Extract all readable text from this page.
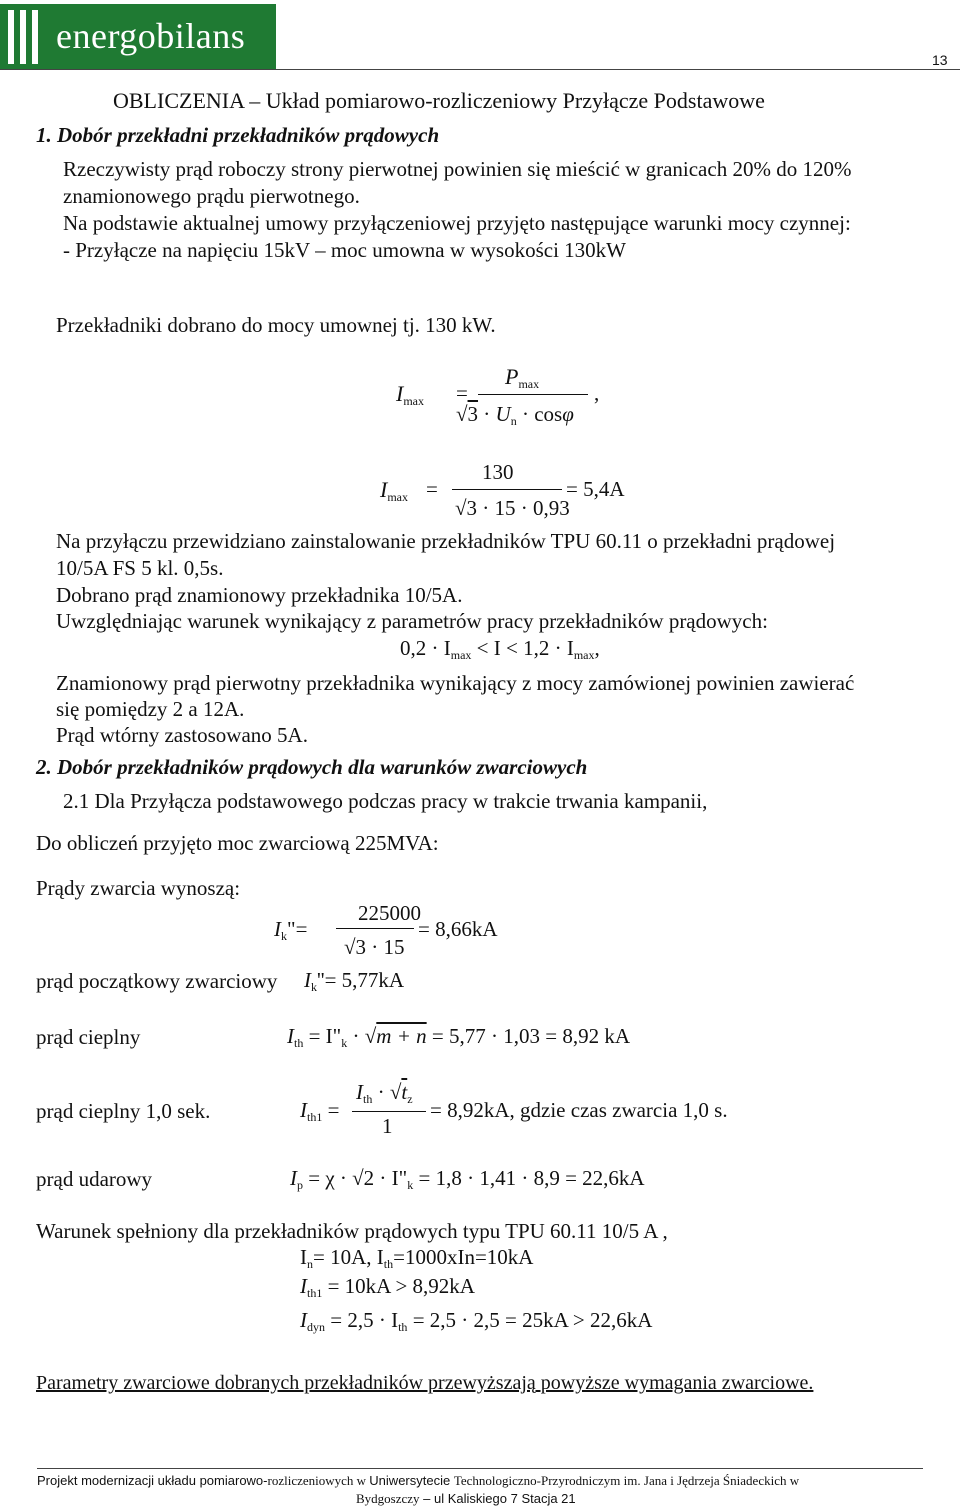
energobilans
13
OBLICZENIA – Układ pomiarowo-rozliczeniowy Przyłącze Podstawowe
1. Dobór przekładni przekładników prądowych
Rzeczywisty prąd roboczy strony pierwotnej powinien się mieścić w granicach 20% do 120%
znamionowego prądu pierwotnego.
Na podstawie aktualnej umowy przyłączeniowej przyjęto następujące warunki mocy czynnej:
- Przyłącze na napięciu 15kV – moc umowna w wysokości 130kW
Przekładniki dobrano do mocy umownej tj. 130 kW.
$I_{max}$ =
$P_{max}$
$√3 \cdot U_n \cdot \cos\varphi$
,
$I_{max}$ =
130
√3 · 15 · 0,93
= 5,4A
Na przyłączu przewidziano zainstalowanie przekładników TPU 60.11 o przekładni prądowej
10/5A FS 5 kl. 0,5s.
Dobrano prąd znamionowy przekładnika 10/5A.
Uwzględniając warunek wynikający z parametrów pracy przekładników prądowych:
$0,2 \cdot I_{max} < I < 1,2 \cdot I_{max}$,
Znamionowy prąd pierwotny przekładnika wynikający z mocy zamówionej powinien zawierać
się pomiędzy 2 a 12A.
Prąd wtórny zastosowano 5A.
2. Dobór przekładników prądowych dla warunków zwarciowych
2.1 Dla Przyłącza podstawowego podczas pracy w trakcie trwania kampanii,
Do obliczeń przyjęto moc zwarciową 225MVA:
Prądy zwarcia wynoszą:
$I_k"=$
225000
√3 · 15
= 8,66kA
prąd początkowy zwarciowy $I_k''= 5,77kA$
prąd cieplny	$I_{th}$ = $I"_k \cdot √m + n = 5,77 \cdot 1,03 = 8,92$ kA
prąd cieplny 1,0 sek.	$I_{th1}$ =
$I_{th} \cdot √t_z$
1
= 8,92kA, gdzie czas zwarcia 1,0 s.
prąd udarowy	$I_p = \chi \cdot √2$ · $I"_k = 1,8 \cdot 1,41 \cdot 8,9 = 22,6kA$
Warunek spełniony dla przekładników prądowych typu TPU 60.11 10/5 A ,
$I_n= 10A$, $I_{th}=1000xIn=10kA$
$I_{th1} = 10kA > 8,92kA$
$I_{dyn} = 2,5 \cdot I_{th} = 2,5 \cdot 2,5 = 25kA > 22,6kA$
Parametry zwarciowe dobranych przekładników przewyższają powyższe wymagania zwarciowe.
Projekt modernizacji układu pomiarowo-rozliczeniowych w Uniwersytecie Technologiczno-Przyrodniczym im. Jana i Jędrzeja Śniadeckich w
Bydgoszczy – ul Kaliskiego 7 Stacja 21
